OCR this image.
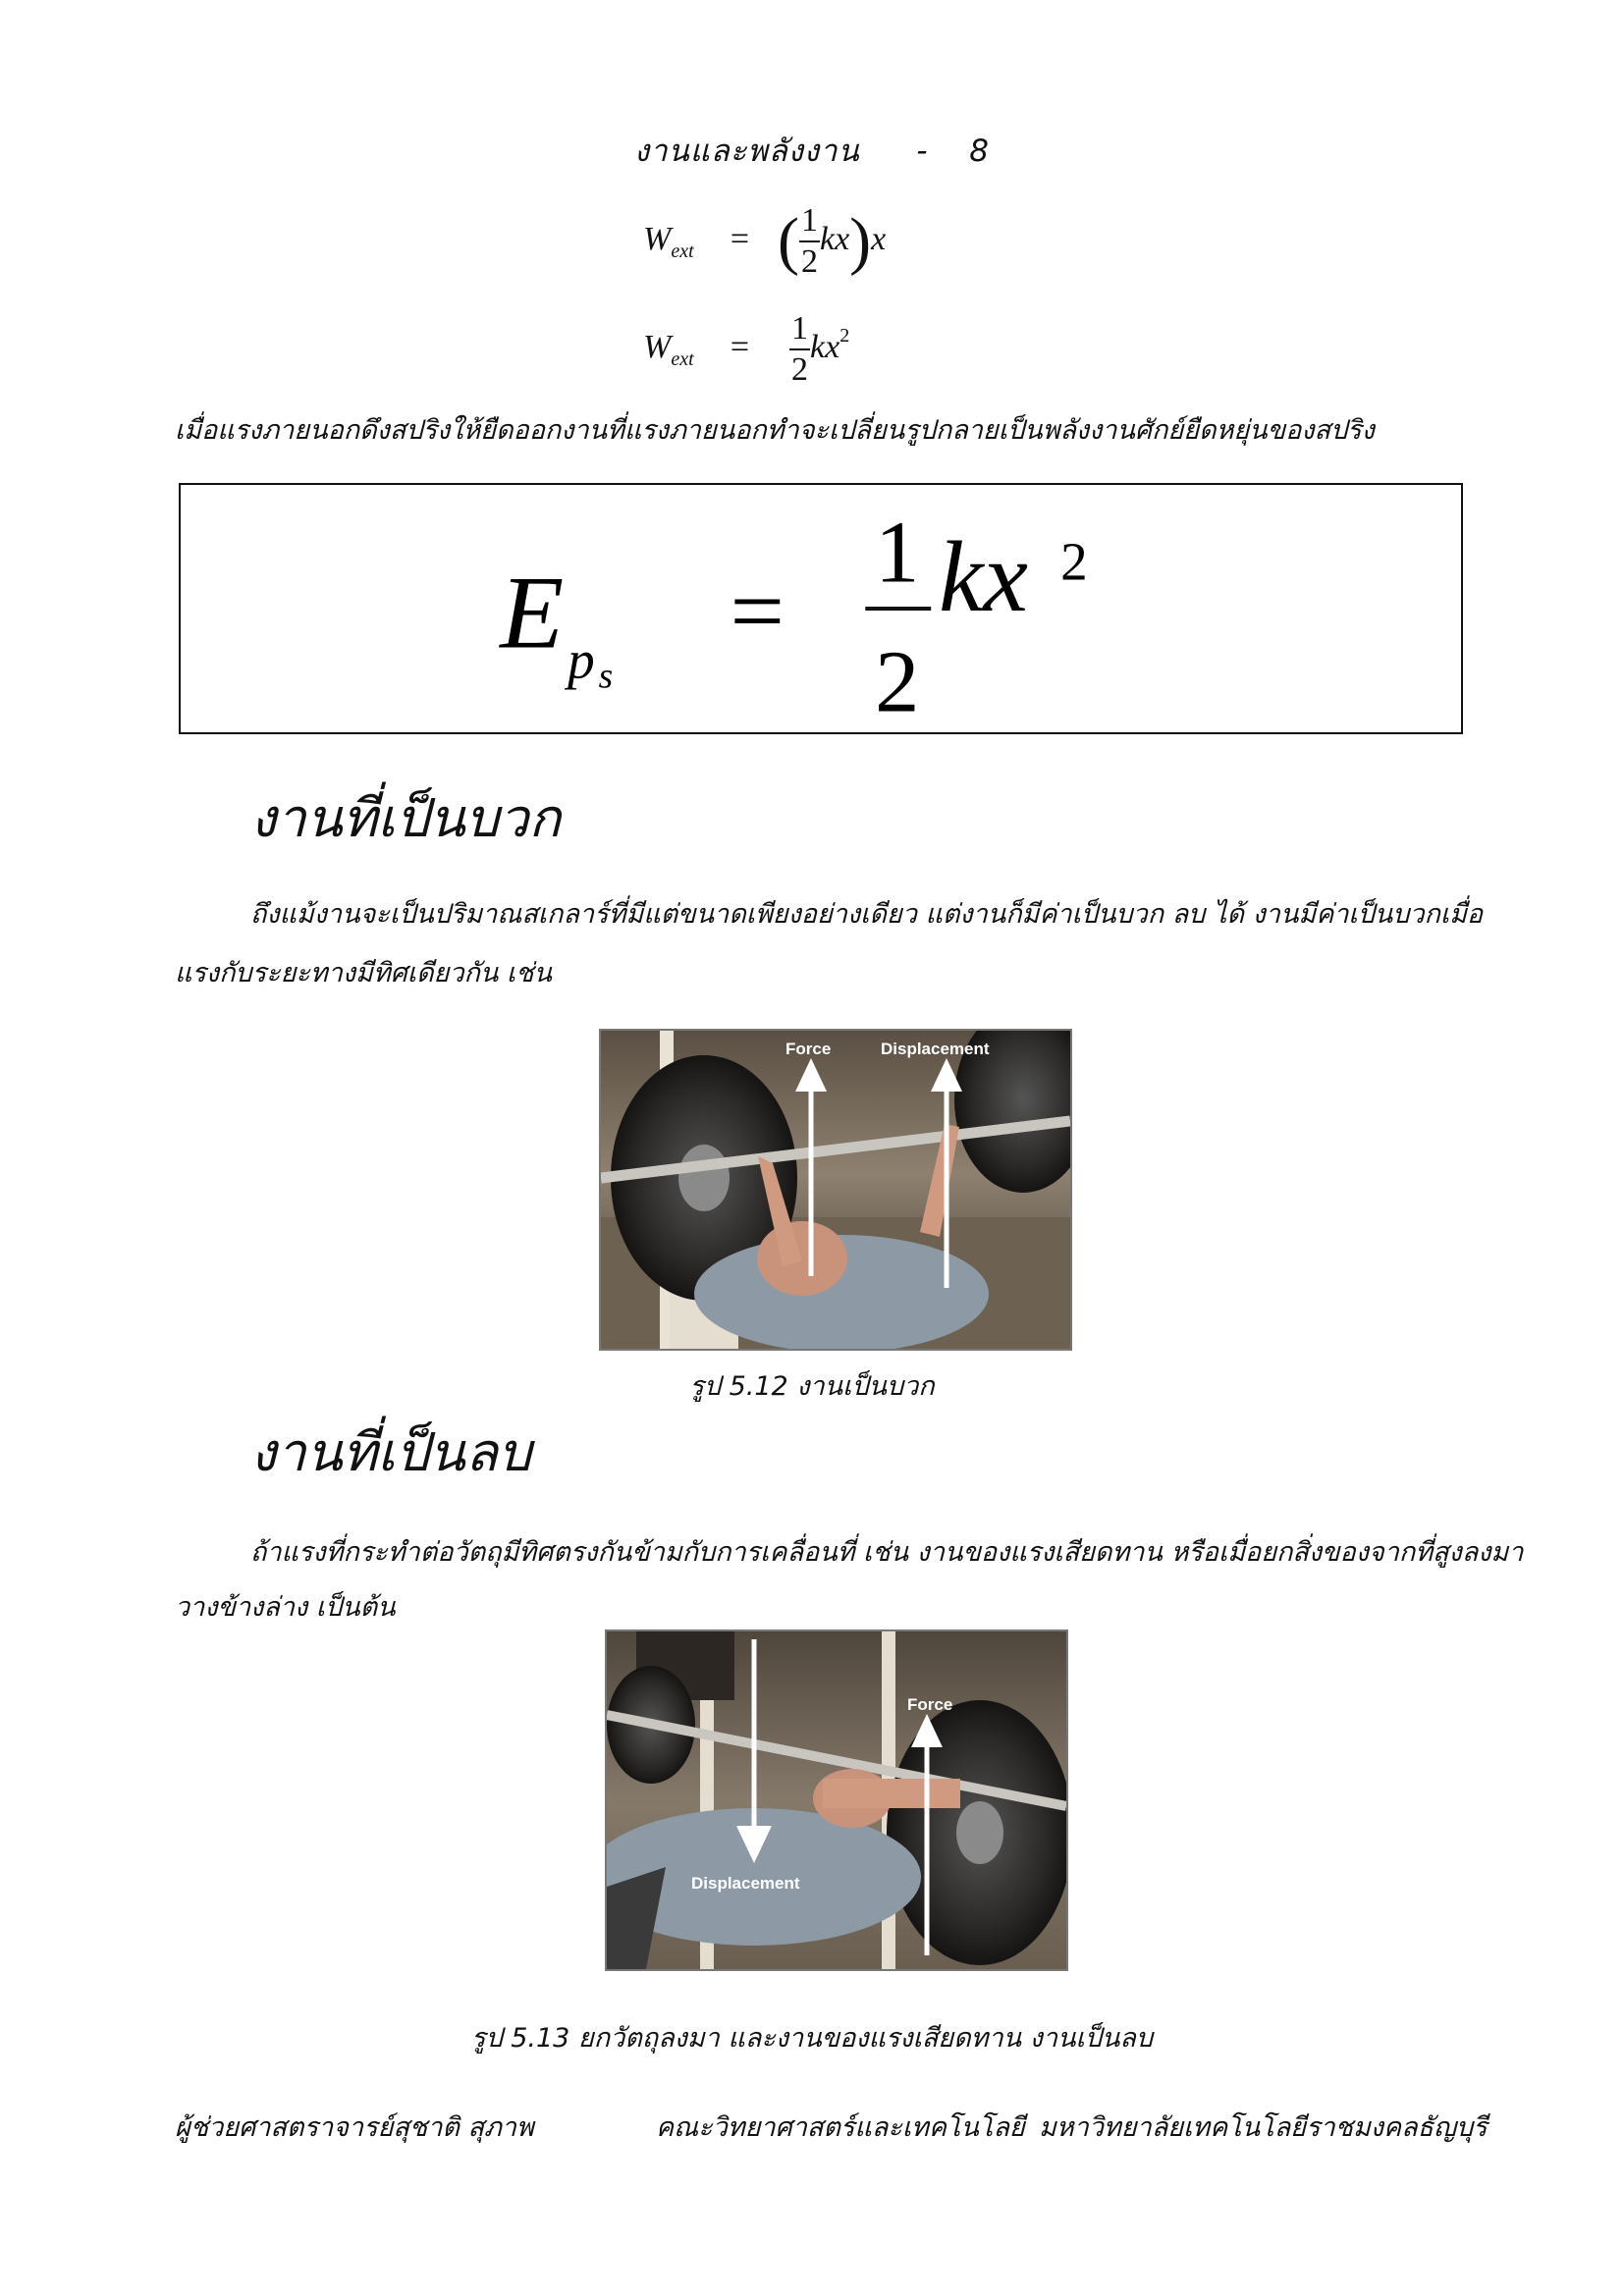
งานและพลังงาน - 8
$W_{ext}$ = ( $\frac{1}{2} kx)x$
$W_{ext} = \frac{1}{2} kx^2$
เมื่อแรงภายนอกดึงสปริงให้ยืดออกงานที่แรงภายนอกทำจะเปลี่ยนรูปกลายเป็นพลังงานศักย์ยืดหยุ่นของสปริง
E p s
=
1
2
kx 2
งานที่เป็นบวก
ถึงแม้งานจะเป็นปริมาณสเกลาร์ที่มีแต่ขนาดเพียงอย่างเดียว แต่งานก็มีค่าเป็นบวก ลบ ได้ งานมีค่าเป็นบวกเมื่อ
แรงกับระยะทางมีทิศเดียวกัน เช่น
Force	Displacement
รูป 5.12 งานเป็นบวก
งานที่เป็นลบ
ถ้าแรงที่กระทำต่อวัตถุมีทิศตรงกันข้ามกับการเคลื่อนที่ เช่น งานของแรงเสียดทาน หรือเมื่อยกสิ่งของจากที่สูงลงมา
วางข้างล่าง เป็นต้น
Force
Displacement
รูป 5.13 ยกวัตถุลงมา และงานของแรงเสียดทาน งานเป็นลบ
ผู้ช่วยศาสตราจารย์สุชาติ สุภาพ	คณะวิทยาศาสตร์และเทคโนโลยี มหาวิทยาลัยเทคโนโลยีราชมงคลธัญบุรี
